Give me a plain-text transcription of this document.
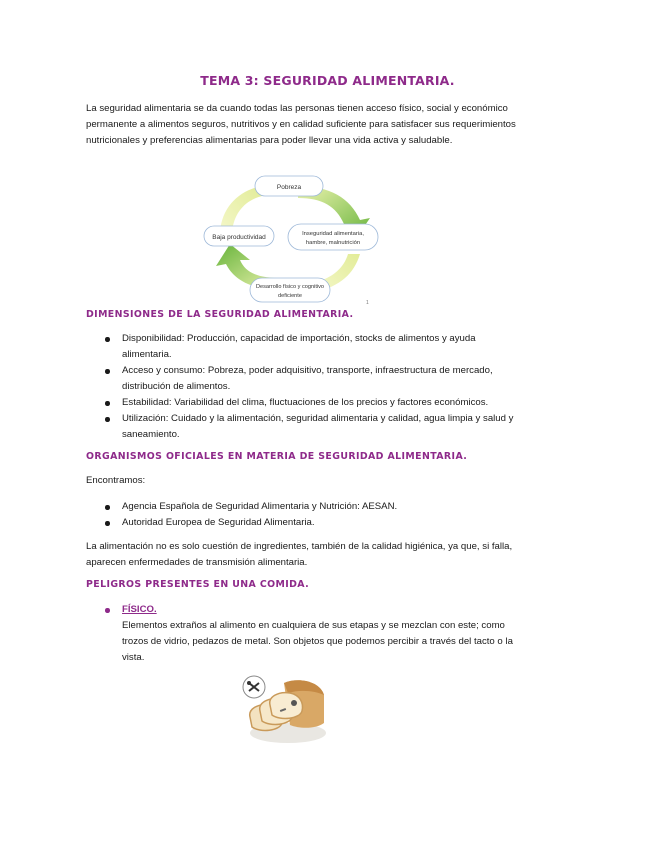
TEMA 3: SEGURIDAD ALIMENTARIA.

La seguridad alimentaria se da cuando todas las personas tienen acceso físico, social y económico permanente a alimentos seguros, nutritivos y en calidad suficiente para satisfacer sus requerimientos nutricionales y preferencias alimentarias para poder llevar una vida activa y saludable.

Pobreza
Baja productividad	Inseguridad alimentaria,
hambre, malnutrición
Desarrollo físico y cognitivo
deficiente
1
DIMENSIONES DE LA SEGURIDAD ALIMENTARIA.
Disponibilidad: Producción, capacidad de importación, stocks de alimentos y ayuda alimentaria.
Acceso y consumo: Pobreza, poder adquisitivo, transporte, infraestructura de mercado, distribución de alimentos.
Estabilidad: Variabilidad del clima, fluctuaciones de los precios y factores económicos.
Utilización: Cuidado y la alimentación, seguridad alimentaria y calidad, agua limpia y salud y saneamiento.
ORGANISMOS OFICIALES EN MATERIA DE SEGURIDAD ALIMENTARIA.

Encontramos:

Agencia Española de Seguridad Alimentaria y Nutrición: AESAN.
Autoridad Europea de Seguridad Alimentaria.

La alimentación no es solo cuestión de ingredientes, también de la calidad higiénica, ya que, si falla, aparecen enfermedades de transmisión alimentaria.

PELIGROS PRESENTES EN UNA COMIDA.
FÍSICO.
Elementos extraños al alimento en cualquiera de sus etapas y se mezclan con este; como trozos de vidrio, pedazos de metal. Son objetos que podemos percibir a través del tacto o la vista.
